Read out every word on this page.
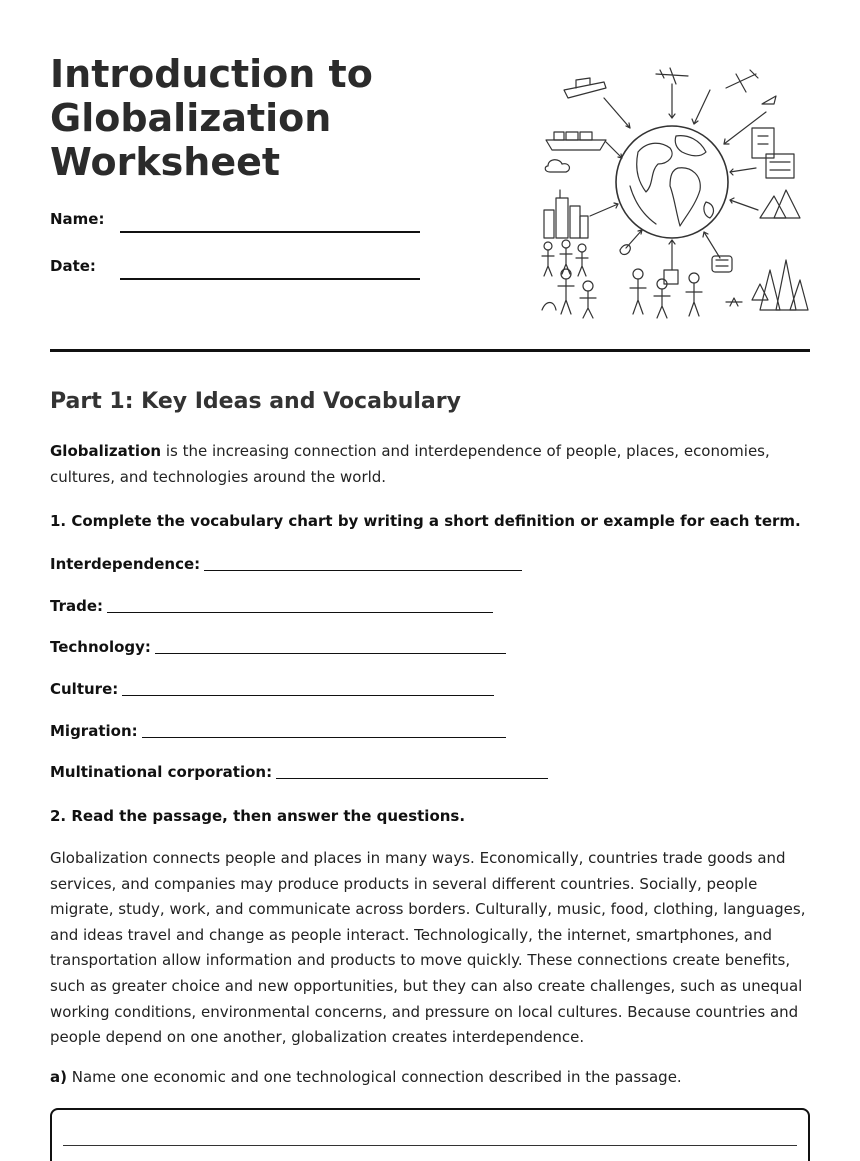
Introduction to Globalization Worksheet
Name:
Date:
Part 1: Key Ideas and Vocabulary

Globalization is the increasing connection and interdependence of people, places, economies, cultures, and technologies around the world.

1. Complete the vocabulary chart by writing a short definition or example for each term.
Interdependence:
Trade:
Technology:
Culture:
Migration:
Multinational corporation:
2. Read the passage, then answer the questions.

Globalization connects people and places in many ways. Economically, countries trade goods and services, and companies may produce products in several different countries. Socially, people migrate, study, work, and communicate across borders. Culturally, music, food, clothing, languages, and ideas travel and change as people interact. Technologically, the internet, smartphones, and transportation allow information and products to move quickly. These connections create benefits, such as greater choice and new opportunities, but they can also create challenges, such as unequal working conditions, environmental concerns, and pressure on local cultures. Because countries and people depend on one another, globalization creates interdependence.

a) Name one economic and one technological connection described in the passage.
